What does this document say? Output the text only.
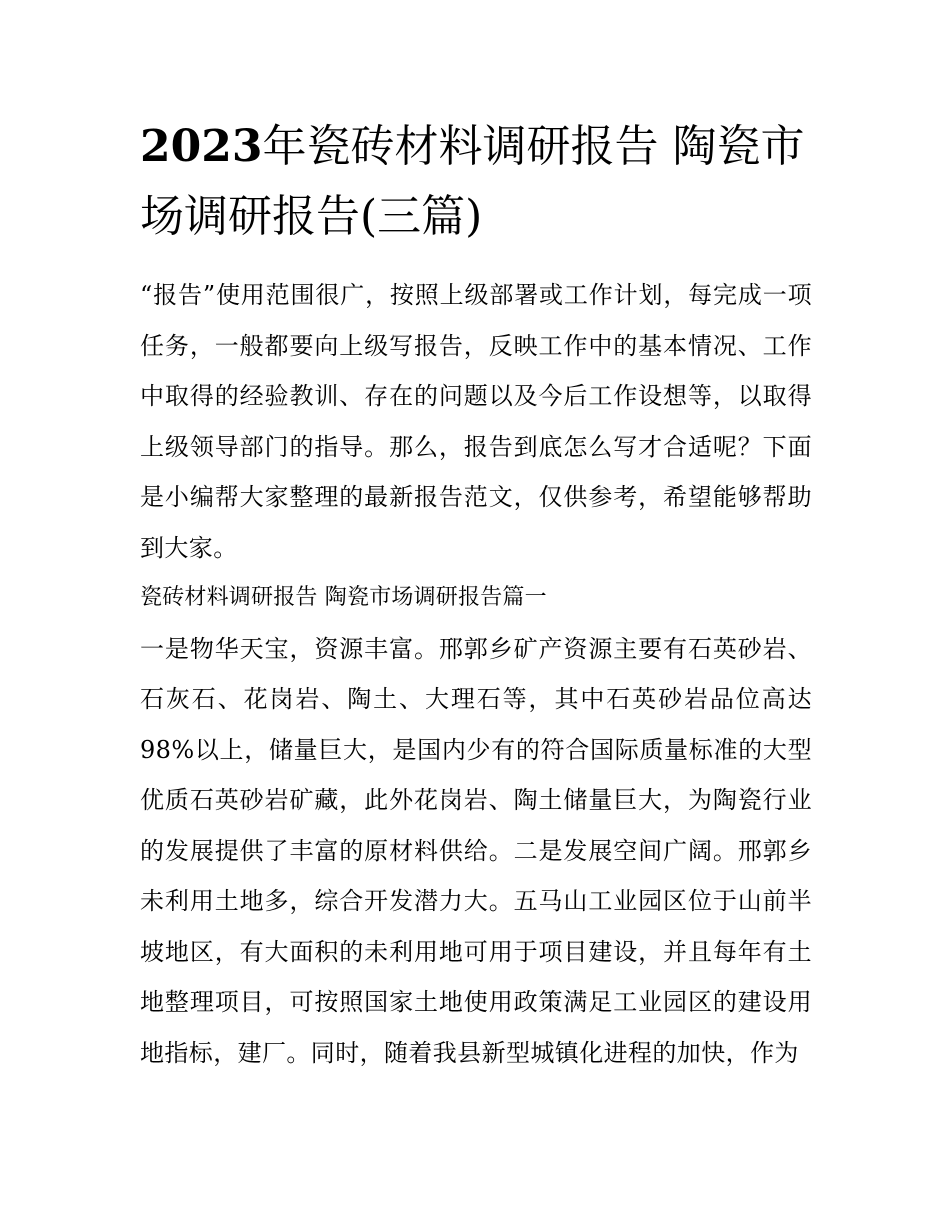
2023年瓷砖材料调研报告 陶瓷市场调研报告(三篇)

“报告”使用范围很广，按照上级部署或工作计划，每完成一项任务，一般都要向上级写报告，反映工作中的基本情况、工作中取得的经验教训、存在的问题以及今后工作设想等，以取得上级领导部门的指导。那么，报告到底怎么写才合适呢？下面是小编帮大家整理的最新报告范文，仅供参考，希望能够帮助到大家。

瓷砖材料调研报告 陶瓷市场调研报告篇一

一是物华天宝，资源丰富。邢郭乡矿产资源主要有石英砂岩、石灰石、花岗岩、陶土、大理石等，其中石英砂岩品位高达98%以上，储量巨大，是国内少有的符合国际质量标准的大型优质石英砂岩矿藏，此外花岗岩、陶土储量巨大，为陶瓷行业的发展提供了丰富的原材料供给。二是发展空间广阔。邢郭乡未利用土地多，综合开发潜力大。五马山工业园区位于山前半坡地区，有大面积的未利用地可用于项目建设，并且每年有土地整理项目，可按照国家土地使用政策满足工业园区的建设用地指标，建厂。同时，随着我县新型城镇化进程的加快，作为
